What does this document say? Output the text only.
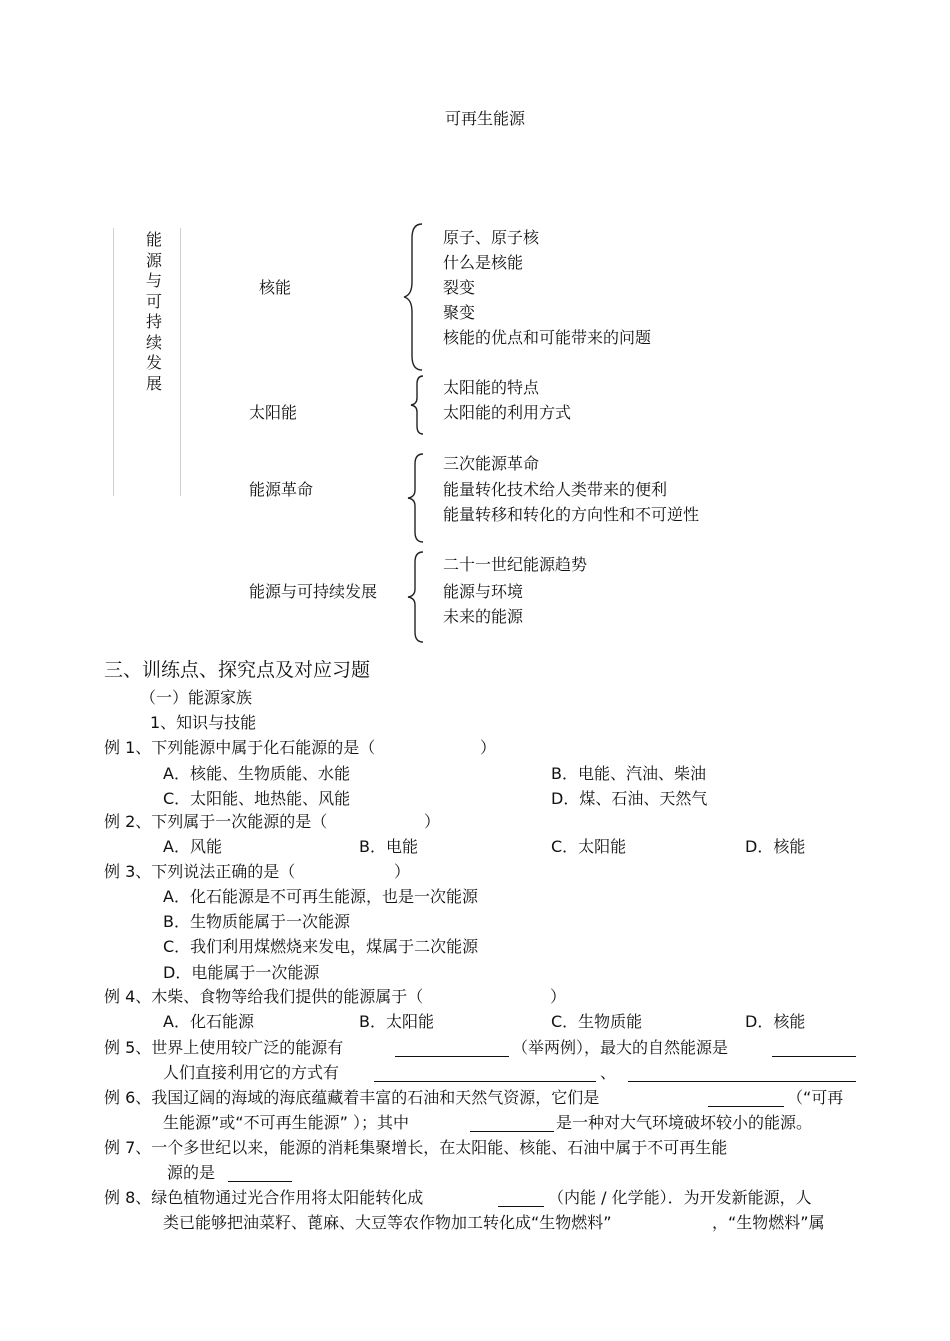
可再生能源
能
源
与
可
持
续
发
展
核能
太阳能
能源革命
能源与可持续发展
原子、原子核
什么是核能
裂变
聚变
核能的优点和可能带来的问题
太阳能的特点
太阳能的利用方式
三次能源革命
能量转化技术给人类带来的便利
能量转移和转化的方向性和不可逆性
二十一世纪能源趋势
能源与环境
未来的能源
三、训练点、探究点及对应习题
（一）能源家族
1、知识与技能
例 1、下列能源中属于化石能源的是（	）
A．核能、生物质能、水能	B．电能、汽油、柴油
C．太阳能、地热能、风能	D．煤、石油、天然气
例 2、下列属于一次能源的是（	）
A．风能	B．电能	C．太阳能	D．核能
例 3、下列说法正确的是（	）
A．化石能源是不可再生能源，也是一次能源
B．生物质能属于一次能源
C．我们利用煤燃烧来发电，煤属于二次能源
D．电能属于一次能源
例 4、木柴、食物等给我们提供的能源属于（	）
A．化石能源	B．太阳能	C．生物质能	D．核能
例 5、世界上使用较广泛的能源有	（举两例），最大的自然能源是
人们直接利用它的方式有	、
例 6、我国辽阔的海域的海底蕴藏着丰富的石油和天然气资源，它们是	（“可再
生能源”或“不可再生能源” ）；其中	是一种对大气环境破坏较小的能源。
例 7、一个多世纪以来，能源的消耗集聚增长，在太阳能、核能、石油中属于不可再生能
源的是
例 8、绿色植物通过光合作用将太阳能转化成	（内能 / 化学能）．为开发新能源，人
类已能够把油菜籽、蓖麻、大豆等农作物加工转化成“生物燃料”	，“生物燃料”属
